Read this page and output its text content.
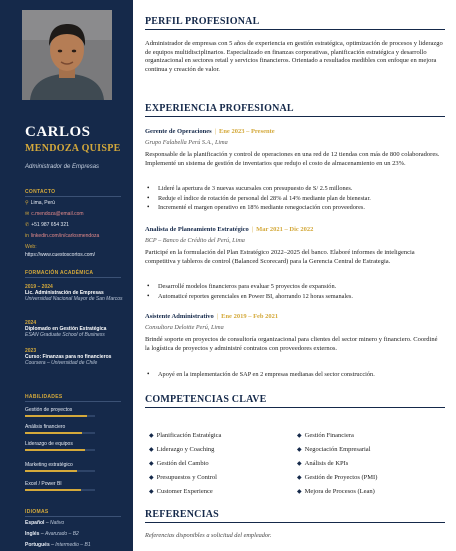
CARLOS
MENDOZA QUISPE
Administrador de Empresas
CONTACTO
⚲ Lima, Perú
✉ c.mendoza@email.com
✆ +51 987 654 321
in linkedin.com/in/carlosmendoza
Web:
https://www.cuestoscortos.com/
FORMACIÓN ACADÉMICA
2019 – 2024
Lic. Administración de Empresas
Universidad Nacional Mayor de San Marcos
2024
Diplomado en Gestión Estratégica
ESAN Graduate School of Business
2023
Curso: Finanzas para no financieros
Coursera – Universidad de Chile
HABILIDADES
Gestión de proyectos
Análisis financiero
Liderazgo de equipos
Marketing estratégico
Excel / Power BI
IDIOMAS
Español – Nativo
Inglés – Avanzado – B2
Portugués – Intermedio – B1
PERFIL PROFESIONAL
Administrador de empresas con 5 años de experiencia en gestión estratégica, optimización de procesos y liderazgo de equipos multidisciplinarios. Especializado en finanzas corporativas, planificación estratégica y desarrollo organizacional en sectores retail y servicios financieros. Orientado a resultados medibles con enfoque en mejora continua y creación de valor.
EXPERIENCIA PROFESIONAL
Gerente de Operaciones | Ene 2023 – Presente
Grupo Falabella Perú S.A., Lima
Responsable de la planificación y control de operaciones en una red de 12 tiendas con más de 800 colaboradores. Implementé un sistema de gestión de inventarios que redujo el costo de almacenamiento en un 23%.
• Lideré la apertura de 3 nuevas sucursales con presupuesto de S/ 2.5 millones.
• Reduje el índice de rotación de personal del 28% al 14% mediante plan de bienestar.
• Incrementé el margen operativo en 18% mediante renegociación con proveedores.
Analista de Planeamiento Estratégico | Mar 2021 – Dic 2022
BCP – Banco de Crédito del Perú, Lima
Participé en la formulación del Plan Estratégico 2022–2025 del banco. Elaboré informes de inteligencia competitiva y tableros de control (Balanced Scorecard) para la Gerencia Central de Estrategia.
• Desarrollé modelos financieros para evaluar 5 proyectos de expansión.
• Automaticé reportes gerenciales en Power BI, ahorrando 12 horas semanales.
Asistente Administrativo | Ene 2019 – Feb 2021
Consultora Deloitte Perú, Lima
Brindé soporte en proyectos de consultoría organizacional para clientes del sector minero y financiero. Coordiné la logística de proyectos y administré contratos con proveedores externos.
• Apoyé en la implementación de SAP en 2 empresas medianas del sector construcción.
COMPETENCIAS CLAVE
◆ Planificación Estratégica
◆ Liderazgo y Coaching
◆ Gestión del Cambio
◆ Presupuestos y Control
◆ Customer Experience
◆ Gestión Financiera
◆ Negociación Empresarial
◆ Análisis de KPIs
◆ Gestión de Proyectos (PMI)
◆ Mejora de Procesos (Lean)
REFERENCIAS
Referencias disponibles a solicitud del empleador.
